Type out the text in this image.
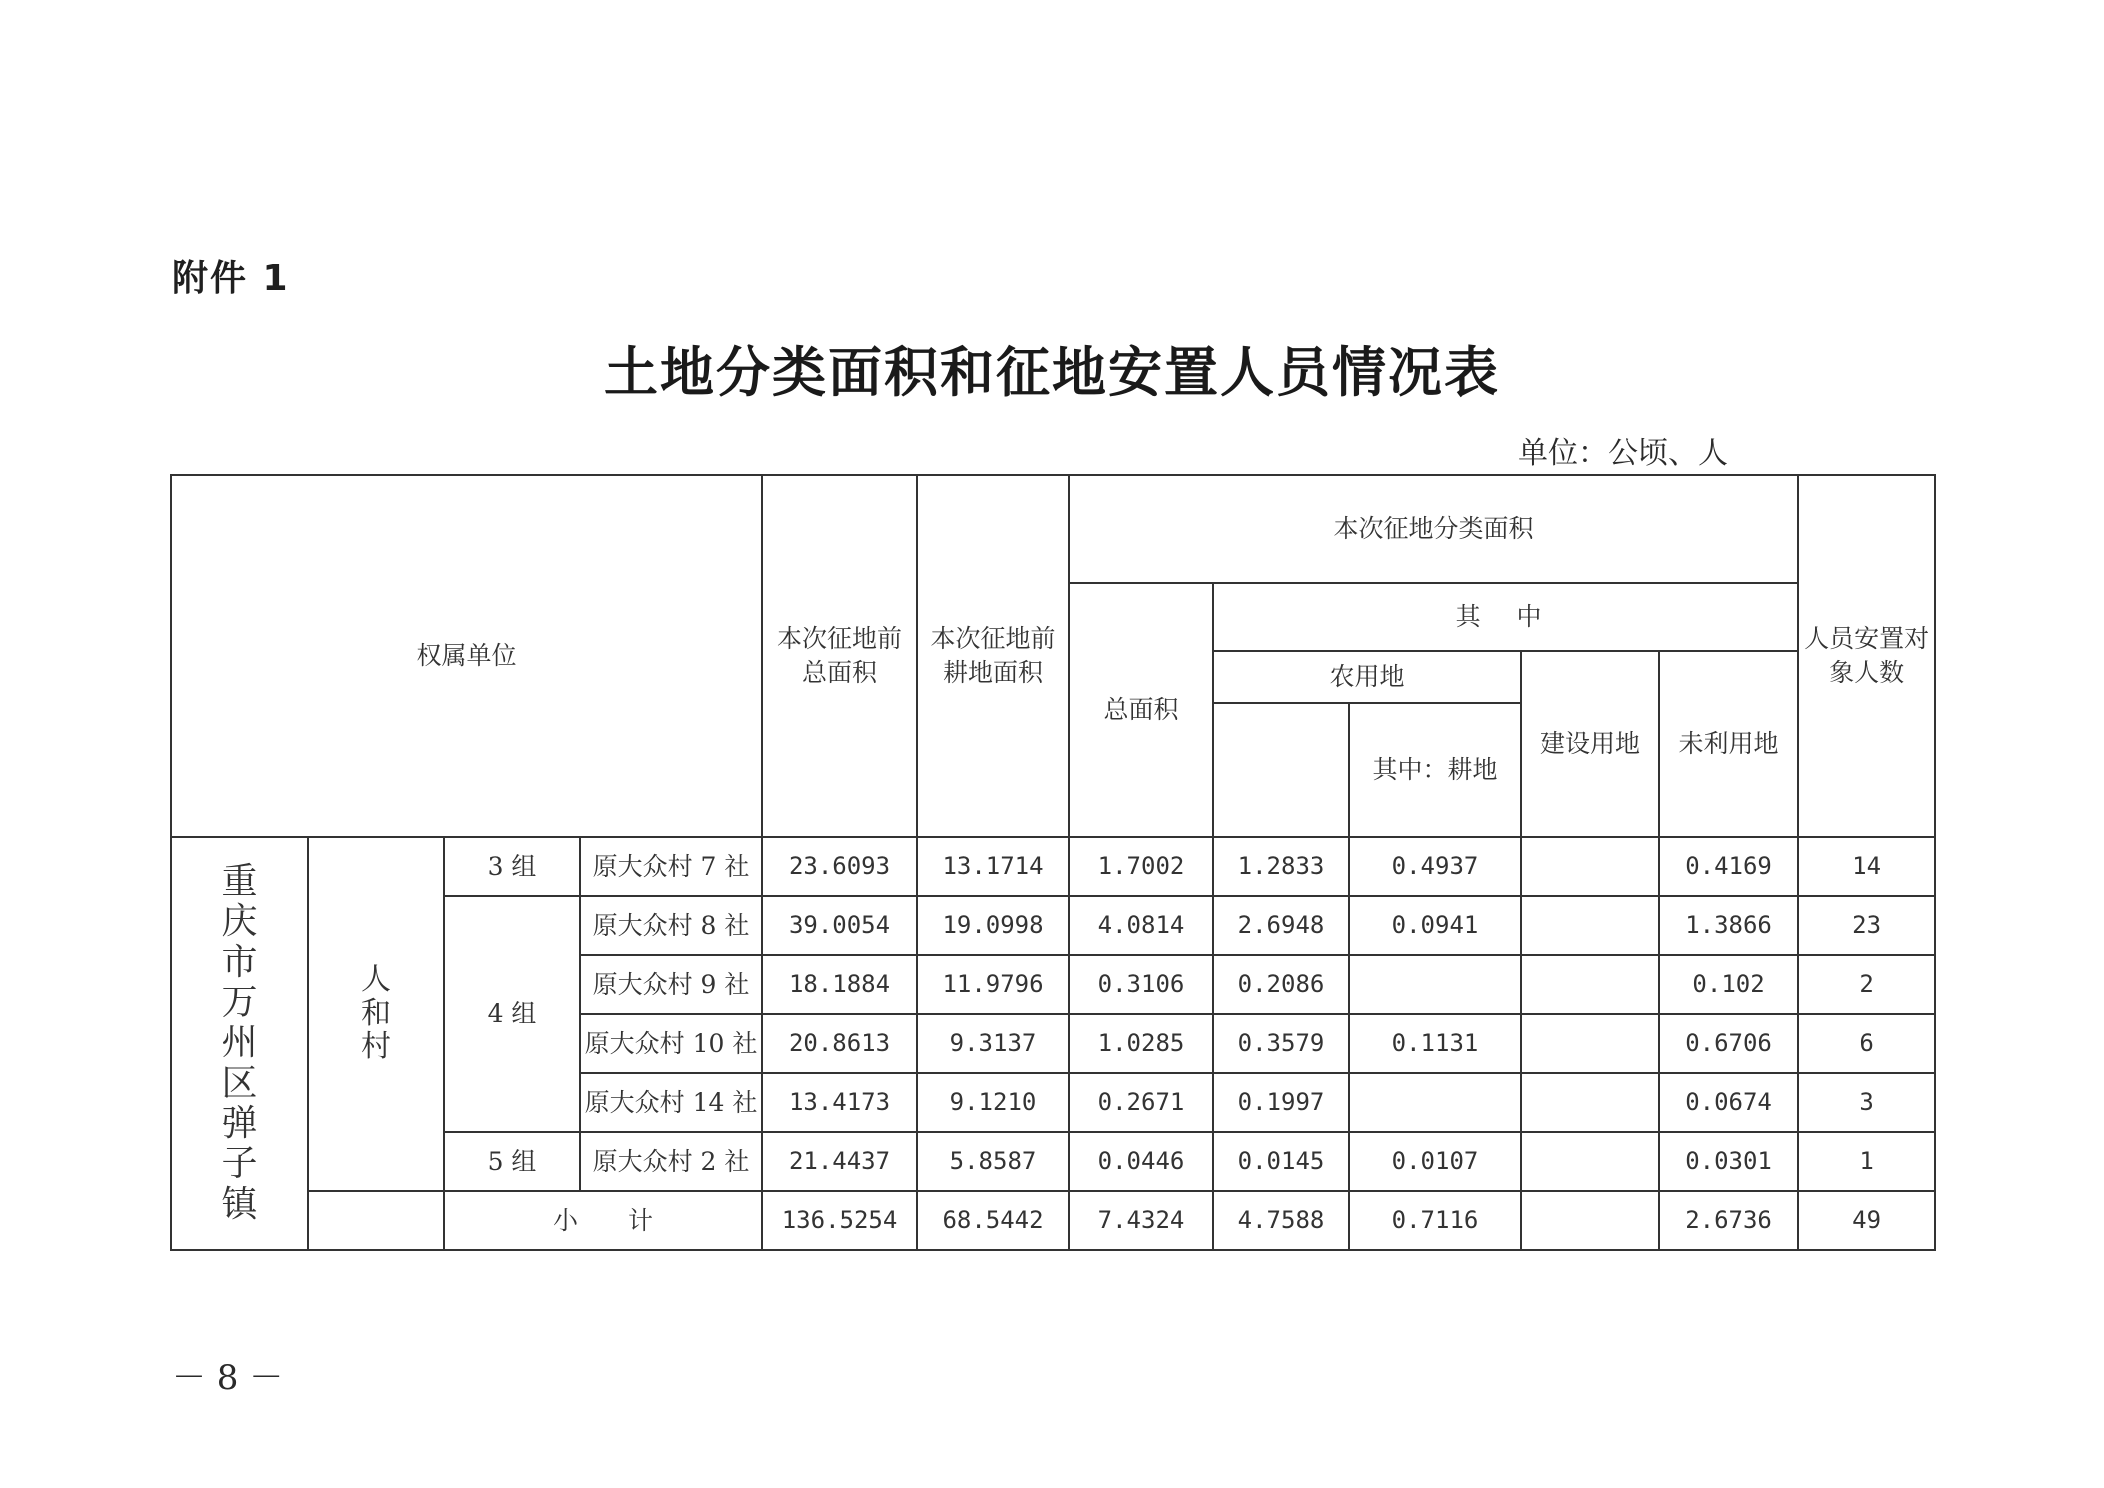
附件 1
土地分类面积和征地安置人员情况表
单位：公顷、人
权属单位				本次征地前总面积	本次征地前耕地面积	本次征地分类面积					人员安置对象人数
						总面积	其 中				
							农用地		建设用地	未利用地	
								其中：耕地			
重庆市万州区弹子镇	人和村	3 组	原大众村 7 社	23.6093	13.1714	1.7002	1.2833	0.4937		0.4169	14
		4 组	原大众村 8 社	39.0054	19.0998	4.0814	2.6948	0.0941		1.3866	23
			原大众村 9 社	18.1884	11.9796	0.3106	0.2086			0.102	2
			原大众村 10 社	20.8613	9.3137	1.0285	0.3579	0.1131		0.6706	6
			原大众村 14 社	13.4173	9.1210	0.2671	0.1997			0.0674	3
		5 组	原大众村 2 社	21.4437	5.8587	0.0446	0.0145	0.0107		0.0301	1
		小　　计		136.5254	68.5442	7.4324	4.7588	0.7116		2.6736	49
－ 8 －
